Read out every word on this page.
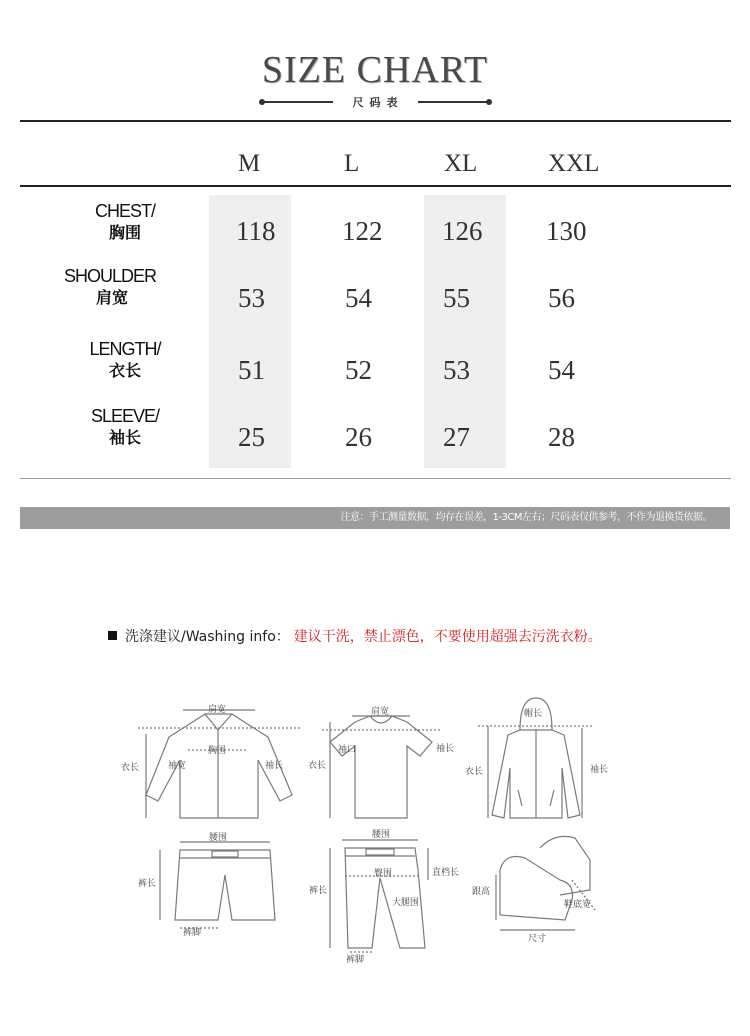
SIZE CHART
尺码表
M	L	XL	XXL
CHEST/
胸围	118 122 126 130
SHOULDER
肩宽	53	54	55	56
LENGTH/
衣长	51	52	53	54
SLEEVE/
袖长	25	26	27	28
注意：手工测量数据，均存在误差，1-3CM左右；尺码表仅供参考，不作为退换货依据。
洗涤建议/Washing info： 建议干洗，禁止漂色，不要使用超强去污洗衣粉。
肩宽
胸围
衣长	袖宽	袖长
肩宽
袖口
衣长
袖长
帽长
衣长	袖长
腰围
裤长
裤脚
腰围
臀围	直档长
大腿围
裤长
裤脚
跟高
鞋底宽
尺寸
